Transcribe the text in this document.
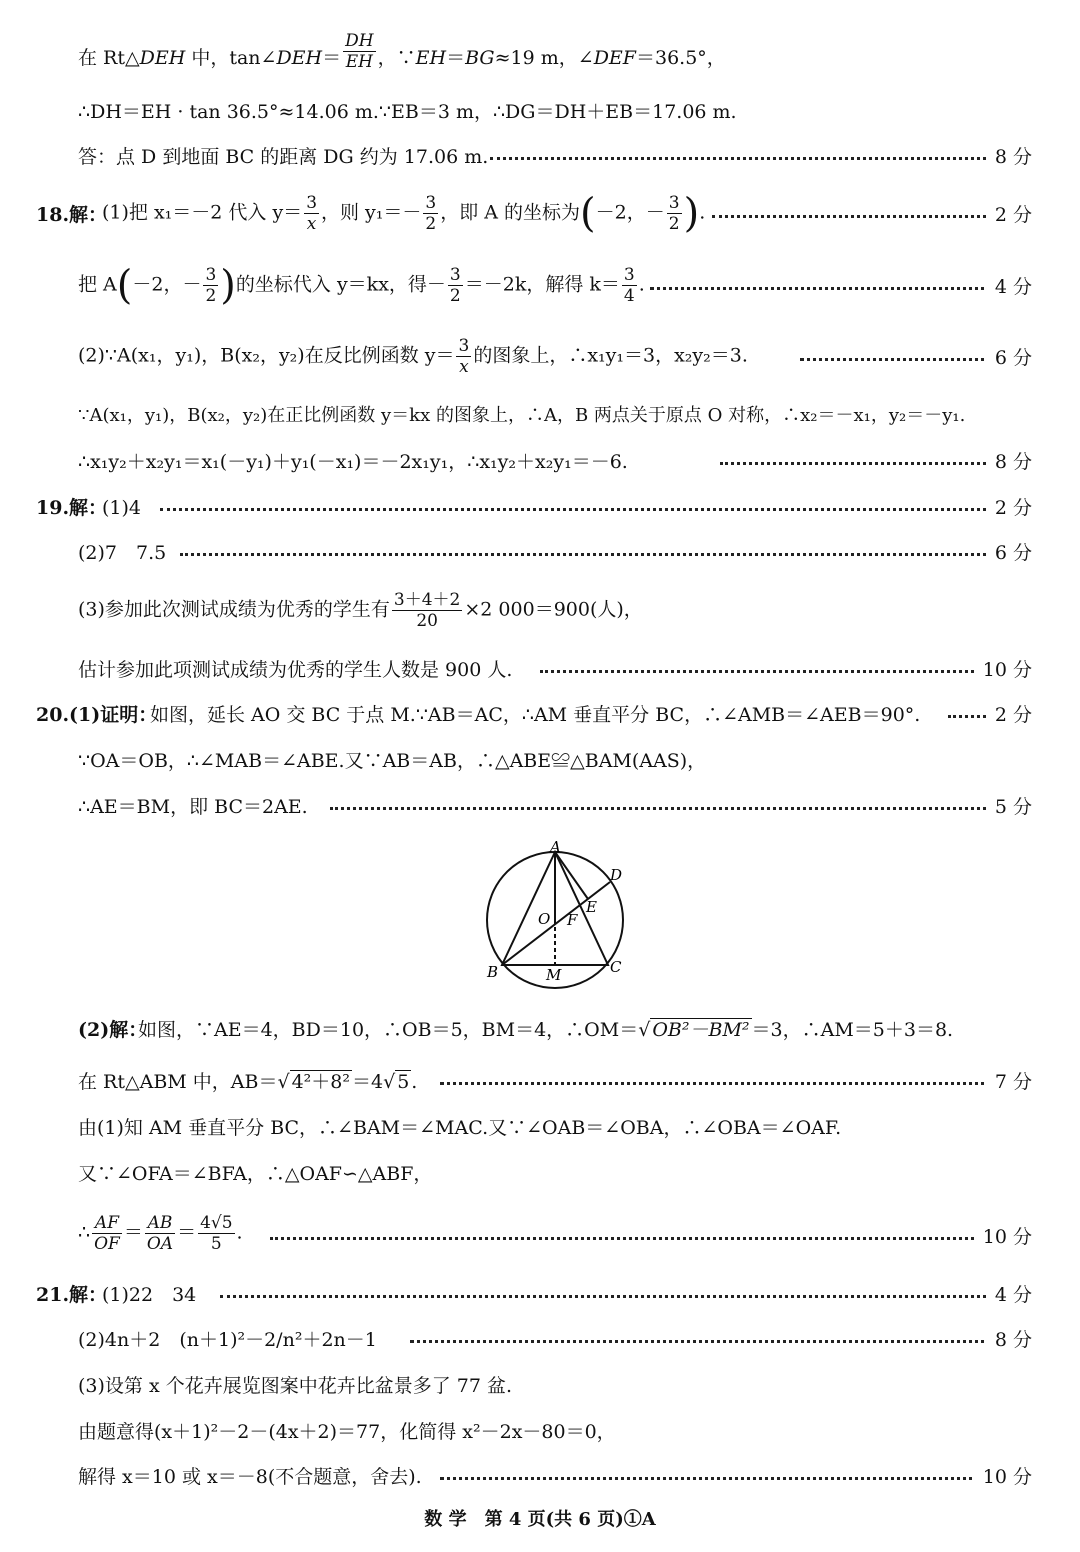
在 Rt△DEH 中，tan∠DEH＝ $\frac{DH}{EH}$ ，∵EH＝BG≈19 m，∠DEF＝36.5°，
∴DH＝EH · tan 36.5°≈14.06 m.∵EB＝3 m，∴DG＝DH＋EB＝17.06 m.
答：点 D 到地面 BC 的距离 DG 约为 17.06 m.	8 分
18.解：
(1)把 x₁＝－2 代入 $y= \frac{3}{x}$ ，则 $y_1=- \frac{3}{2}$ ，即 A 的坐标为(－2，－ $\frac{3}{2}$ ).	2 分
把 A(－2，－ $\frac{3}{2}$ )的坐标代入 y＝kx，得－ $\frac{3}{2} =-2k$，解得 $k= \frac{3}{4}$ .	4 分
(2)∵A(x₁，y₁)，B(x₂，y₂)在反比例函数 $y= \frac{3}{x}$ 的图象上，∴x₁y₁＝3，x₂y₂＝3.	6 分
∵A(x₁，y₁)，B(x₂，y₂)在正比例函数 y＝kx 的图象上，∴A，B 两点关于原点 O 对称，∴x₂＝－x₁，y₂＝－y₁.
∴x₁y₂＋x₂y₁＝x₁(－y₁)＋y₁(－x₁)＝－2x₁y₁，∴x₁y₂＋x₂y₁＝－6.	8 分
19.解：
(1)4	2 分
(2)7　7.5	6 分
(3)参加此次测试成绩为优秀的学生有 $\frac{3+4+2}{20} \times 2$ 000＝900(人)，
估计参加此项测试成绩为优秀的学生人数是 900 人.	10 分
20.(1)证明：
如图，延长 AO 交 BC 于点 M.∵AB＝AC，∴AM 垂直平分 BC，∴∠AMB＝∠AEB＝90°.	2 分
∵OA＝OB，∴∠MAB＝∠ABE.又∵AB＝AB，∴△ABE≌△BAM(AAS)，
∴AE＝BM，即 BC＝2AE.	5 分
A
B	C
D
E
F
O
M
(2)解：
如图，∵AE＝4，BD＝10，∴OB＝5，BM＝4，∴OM＝√ OB²－BM² ＝3，∴AM＝5＋3＝8.
在 Rt△ABM 中，AB＝√ 4²＋8² ＝4√ 5 .	7 分
由(1)知 AM 垂直平分 BC，∴∠BAM＝∠MAC.又∵∠OAB＝∠OBA，∴∠OBA＝∠OAF.
又∵∠OFA＝∠BFA，∴△OAF∽△ABF，
∴ $\frac{AF}{OF} = \frac{AB}{OA} = \frac{4√5}{5}$ .	10 分
21.解：
(1)22　34	4 分
(2)4n＋2　(n＋1)²－2/n²＋2n－1	8 分
(3)设第 x 个花卉展览图案中花卉比盆景多了 77 盆.
由题意得(x＋1)²－2－(4x＋2)＝77，化简得 x²－2x－80＝0，
解得 x＝10 或 x＝－8(不合题意，舍去).	10 分
数 学　第 4 页(共 6 页)①A
